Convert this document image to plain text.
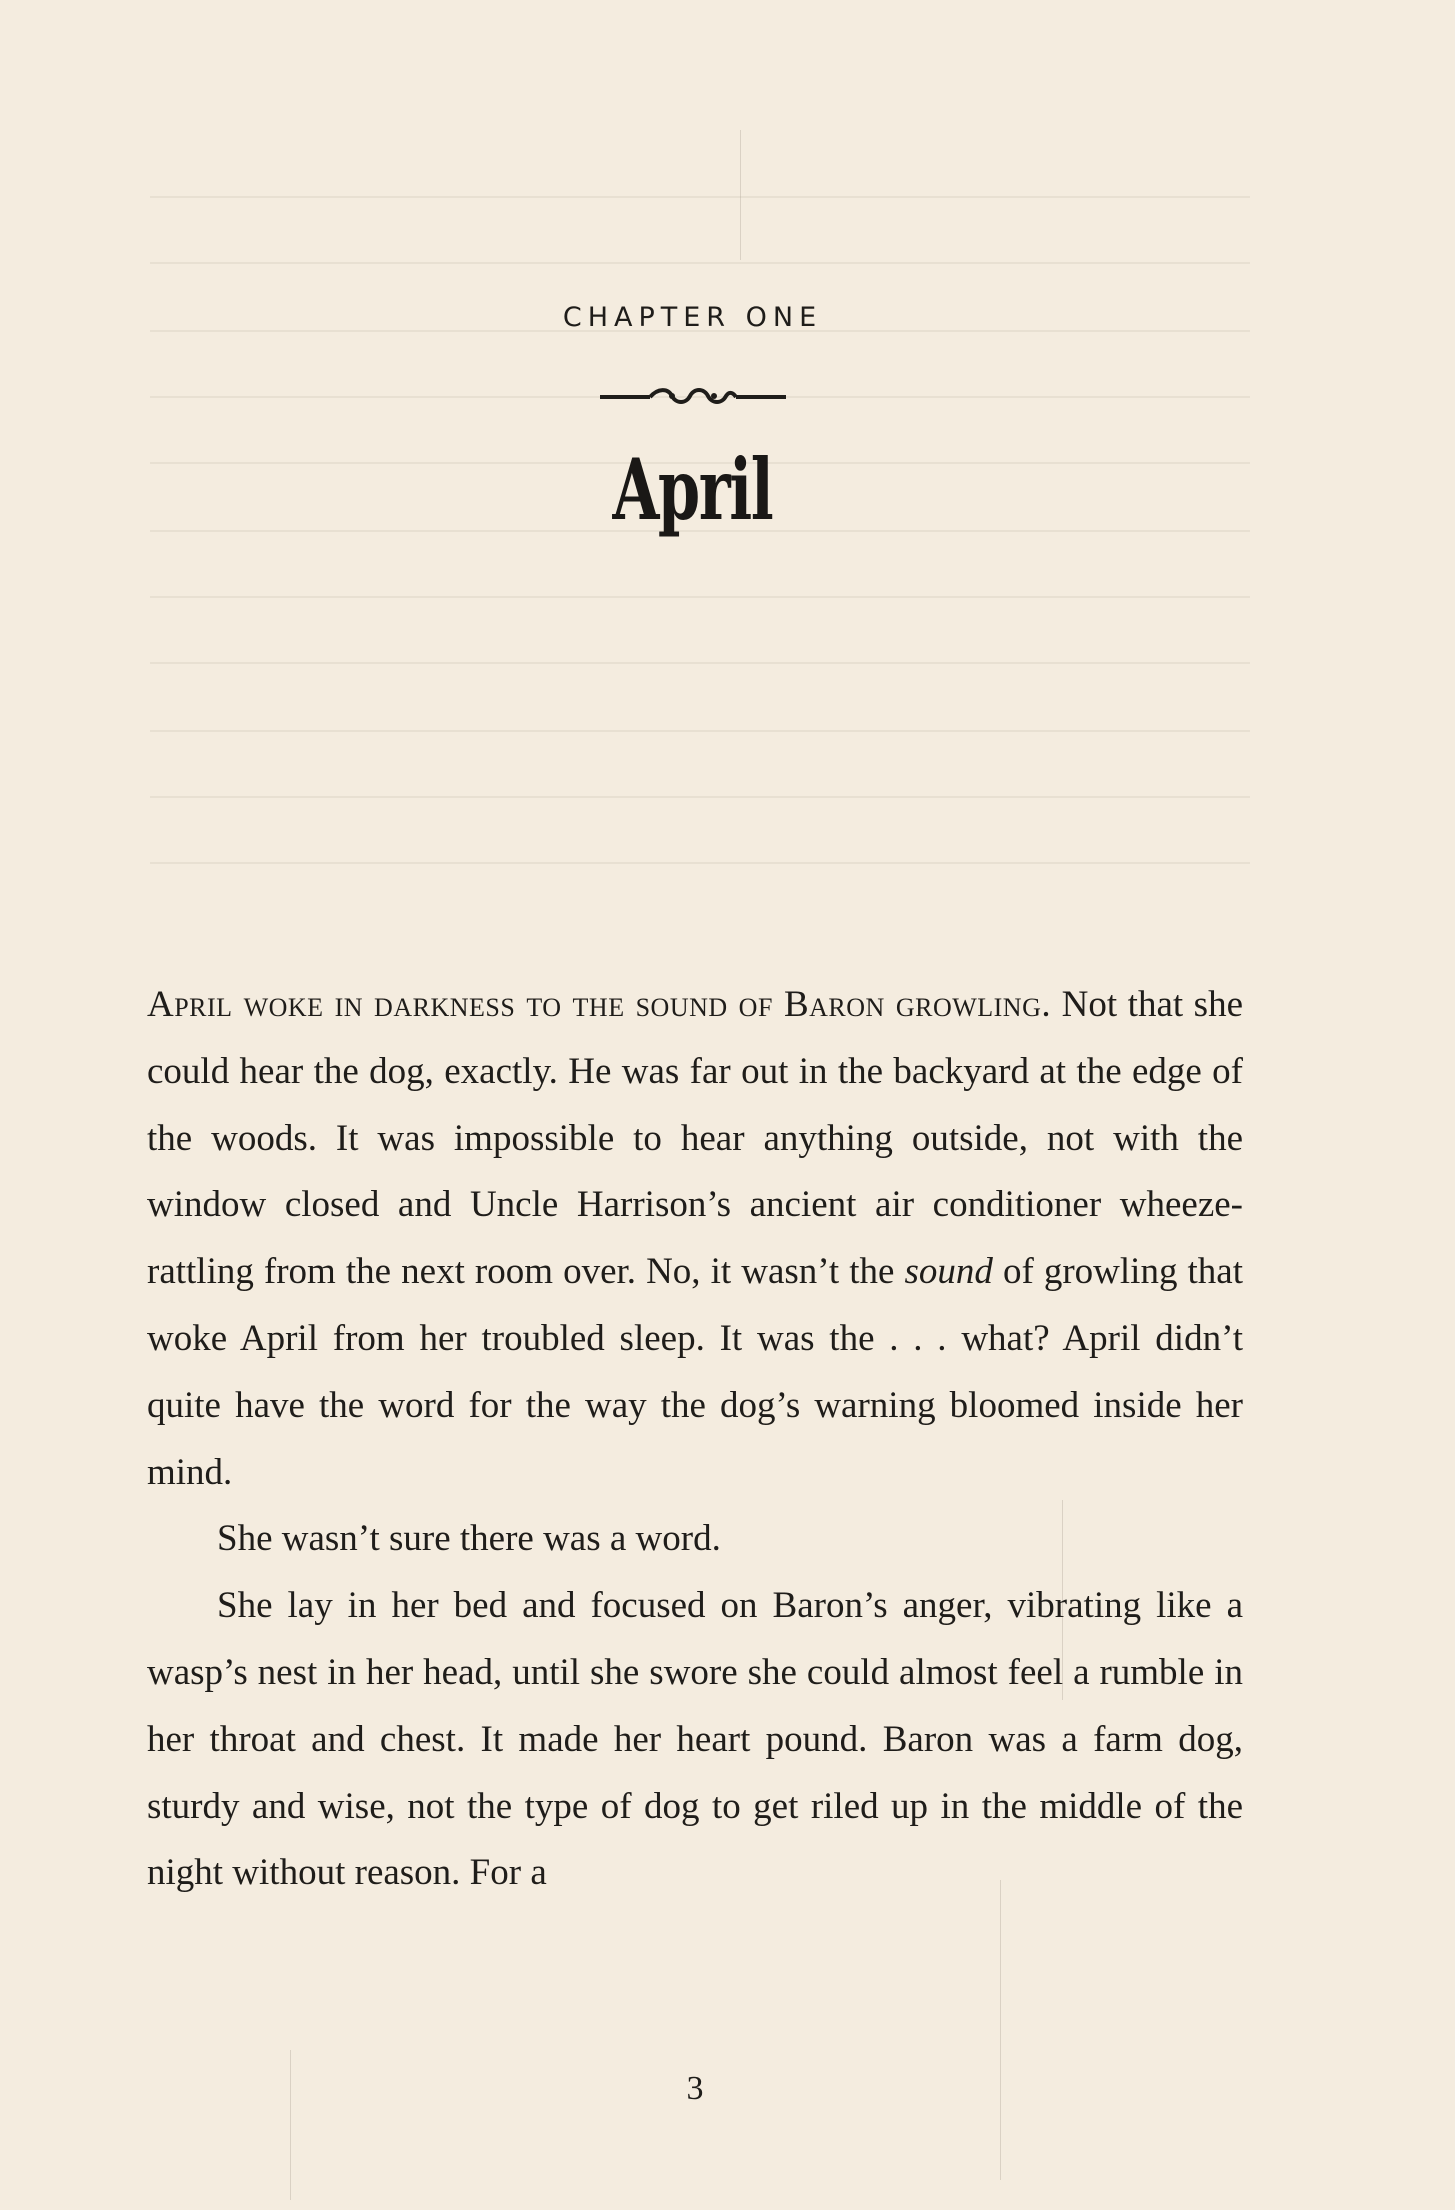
CHAPTER ONE
April

April woke in darkness to the sound of Baron growling. Not that she could hear the dog, exactly. He was far out in the backyard at the edge of the woods. It was impossible to hear anything outside, not with the window closed and Uncle Harrison’s ancient air conditioner wheeze-rattling from the next room over. No, it wasn’t the sound of growling that woke April from her troubled sleep. It was the . . . what? April didn’t quite have the word for the way the dog’s warning bloomed inside her mind.

She wasn’t sure there was a word.

She lay in her bed and focused on Baron’s anger, vibrating like a wasp’s nest in her head, until she swore she could almost feel a rumble in her throat and chest. It made her heart pound. Baron was a farm dog, sturdy and wise, not the type of dog to get riled up in the middle of the night without reason. For a

3
